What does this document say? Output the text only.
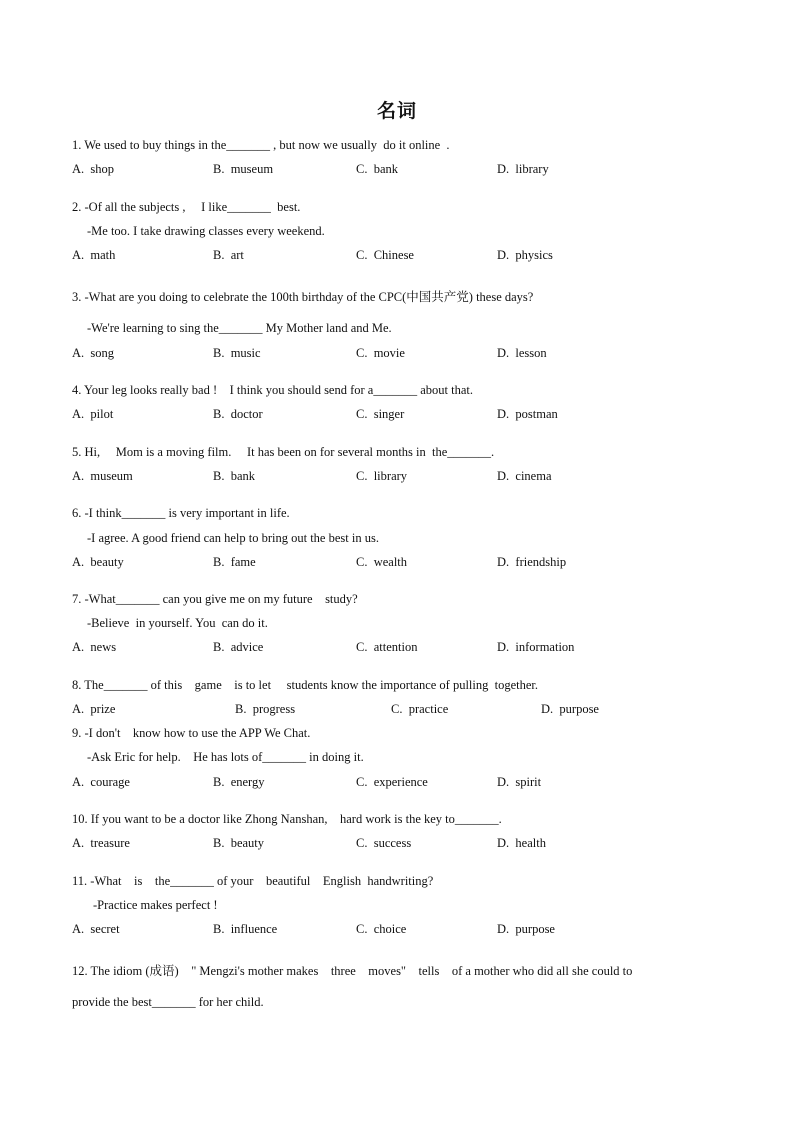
名词
1. We used to buy things in the_______ , but now we usually  do it online  .
A.  shop	B.  museum	C.  bank	D.  library
2. -Of all the subjects ,     I like_______  best.
-Me too. I take drawing classes every weekend.
A.  math	B.  art	C.  Chinese	D.  physics
3. -What are you doing to celebrate the 100th birthday of the CPC(中国共产党) these days?
-We're learning to sing the_______ My Mother land and Me.
A.  song	B.  music	C.  movie	D.  lesson
4. Your leg looks really bad !    I think you should send for a_______ about that.
A.  pilot	B.  doctor	C.  singer	D.  postman
5. Hi,     Mom is a moving film.     It has been on for several months in  the_______.
A.  museum	B.  bank	C.  library	D.  cinema
6. -I think_______ is very important in life.
-I agree. A good friend can help to bring out the best in us.
A.  beauty	B.  fame	C.  wealth	D.  friendship
7. -What_______ can you give me on my future    study?
-Believe  in yourself. You  can do it.
A.  news	B.  advice	C.  attention	D.  information
8. The_______ of this    game    is to let     students know the importance of pulling  together.
A.  prize	B.  progress	C.  practice	D.  purpose
9. -I don't    know how to use the APP We Chat.
-Ask Eric for help.    He has lots of_______ in doing it.
A.  courage	B.  energy	C.  experience	D.  spirit
10. If you want to be a doctor like Zhong Nanshan,    hard work is the key to_______.
A.  treasure	B.  beauty	C.  success	D.  health
11. -What    is    the_______ of your    beautiful    English  handwriting?
-Practice makes perfect !
A.  secret	B.  influence	C.  choice	D.  purpose
12. The idiom (成语)    " Mengzi's mother makes    three    moves"    tells    of a mother who did all she could to
provide the best_______ for her child.
